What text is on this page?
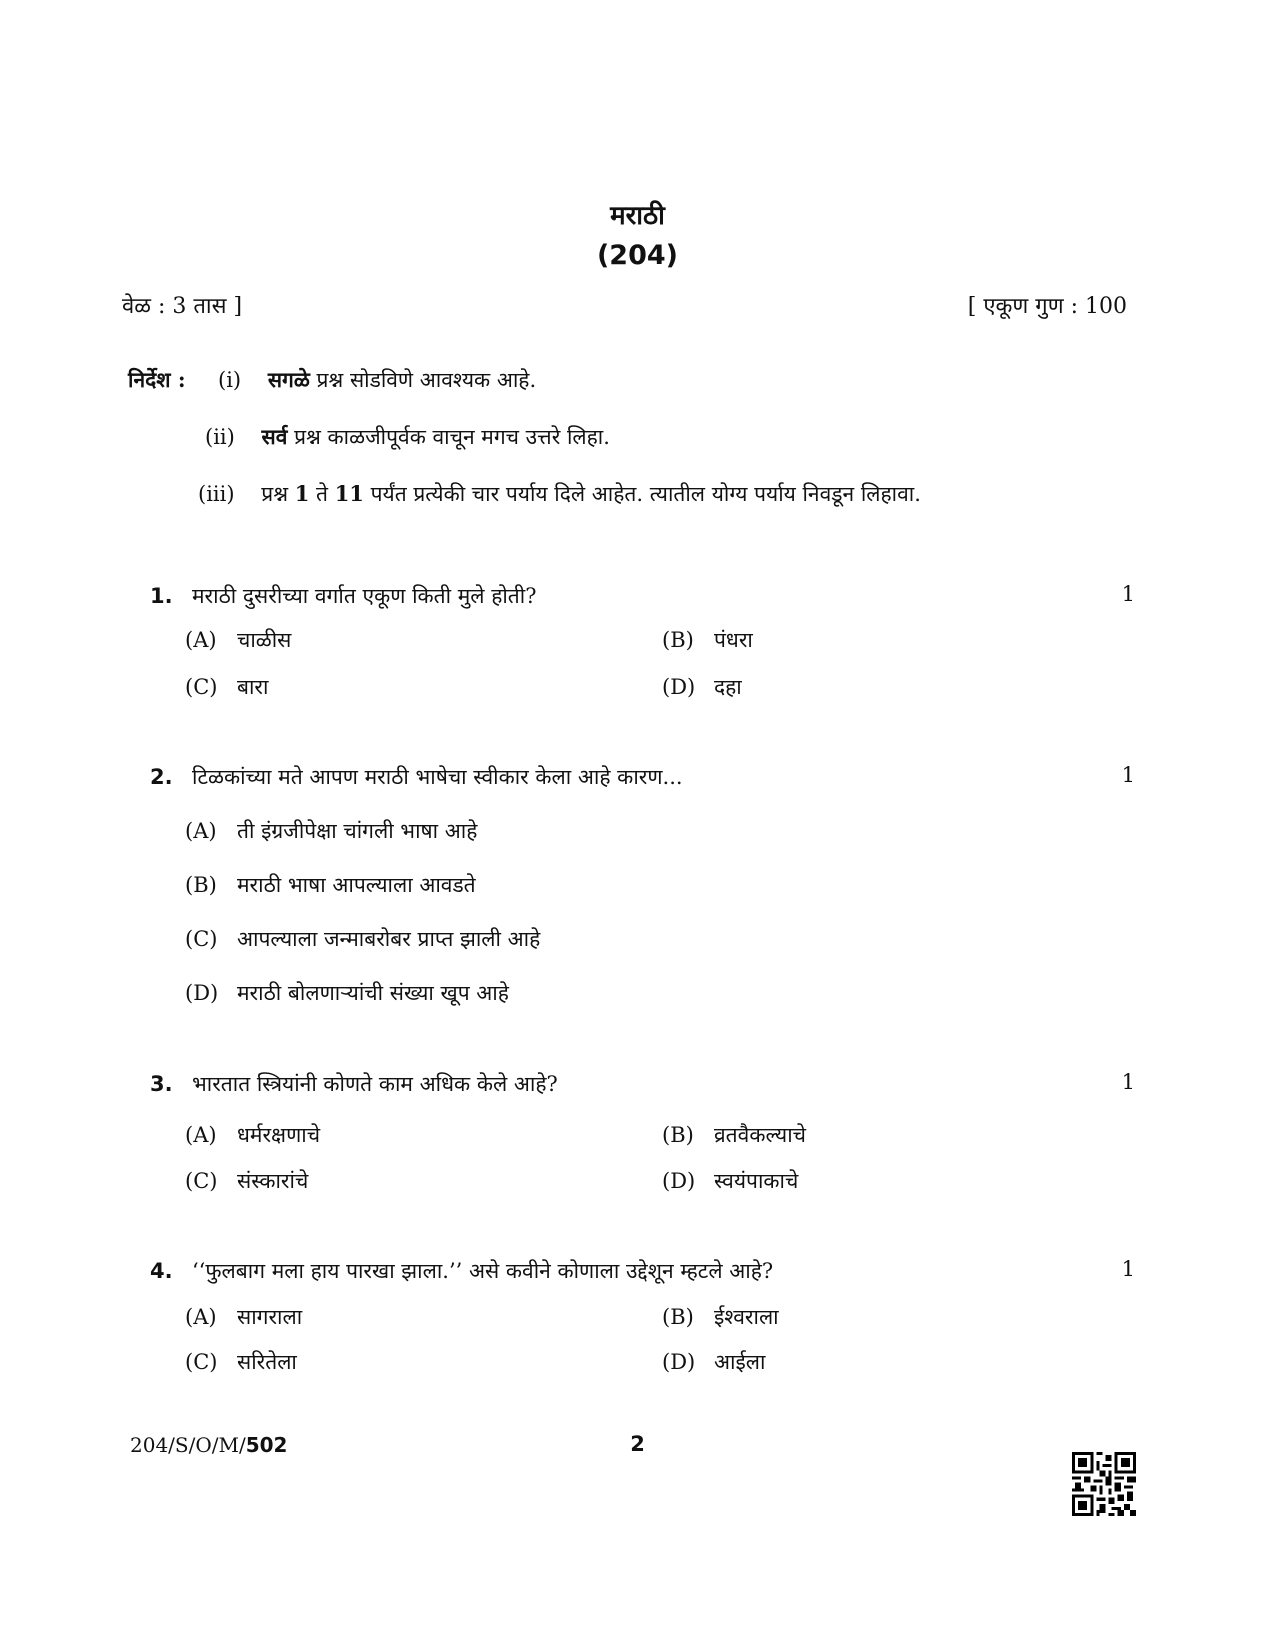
मराठी
(204)
वेळ : 3 तास ]	[ एकूण गुण : 100
निर्देश : (i) सगळे प्रश्न सोडविणे आवश्यक आहे.
(ii) सर्व प्रश्न काळजीपूर्वक वाचून मगच उत्तरे लिहा.
(iii) प्रश्न 1 ते 11 पर्यंत प्रत्येकी चार पर्याय दिले आहेत. त्यातील योग्य पर्याय निवडून लिहावा.
1. मराठी दुसरीच्या वर्गात एकूण किती मुले होती?	1
(A) चाळीस	(B) पंधरा
(C) बारा	(D) दहा
2. टिळकांच्या मते आपण मराठी भाषेचा स्वीकार केला आहे कारण...	1
(A) ती इंग्रजीपेक्षा चांगली भाषा आहे
(B) मराठी भाषा आपल्याला आवडते
(C) आपल्याला जन्माबरोबर प्राप्त झाली आहे
(D) मराठी बोलणाऱ्यांची संख्या खूप आहे
3. भारतात स्त्रियांनी कोणते काम अधिक केले आहे?	1
(A) धर्मरक्षणाचे	(B) व्रतवैकल्याचे
(C) संस्कारांचे	(D) स्वयंपाकाचे
4. ‘‘फुलबाग मला हाय पारखा झाला.’’ असे कवीने कोणाला उद्देशून म्हटले आहे?	1
(A) सागराला	(B) ईश्वराला
(C) सरितेला	(D) आईला
204/S/O/M/502	2
